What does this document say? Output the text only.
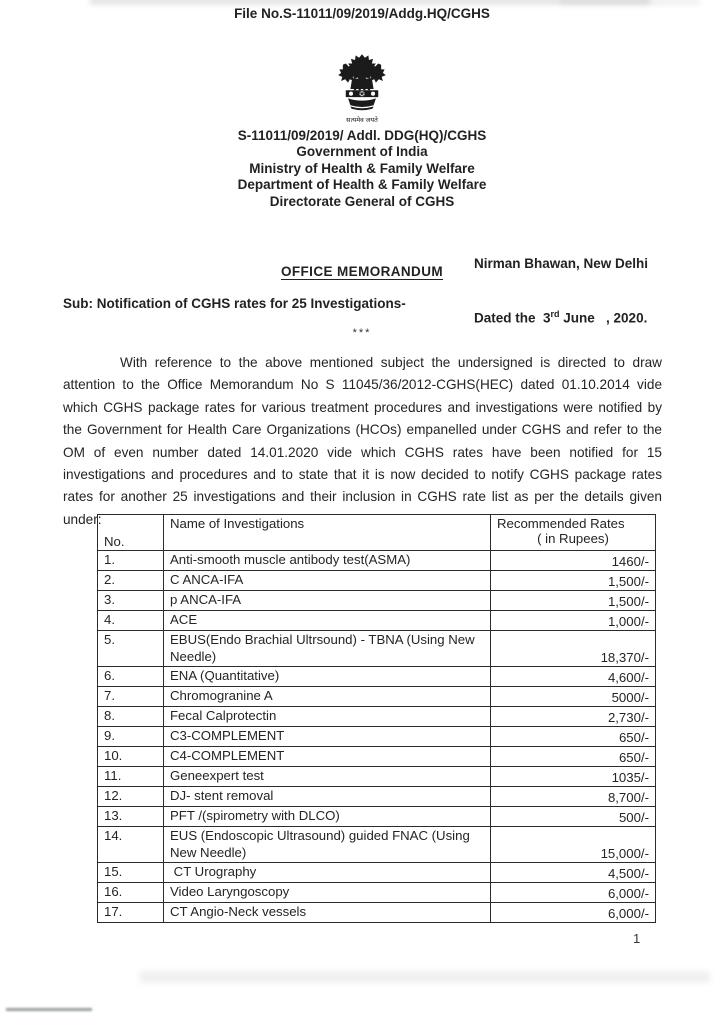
File No.S-11011/09/2019/Addg.HQ/CGHS
सत्यमेव जयते
S-11011/09/2019/ Addl. DDG(HQ)/CGHS
Government of India
Ministry of Health & Family Welfare
Department of Health & Family Welfare
Directorate General of CGHS

Nirman Bhawan, New Delhi

Dated the  3rd June   , 2020.

OFFICE MEMORANDUM
Sub: Notification of CGHS rates for 25 Investigations-
***
With reference to the above mentioned subject the undersigned is directed to draw attention to the Office Memorandum No S 11045/36/2012-CGHS(HEC) dated 01.10.2014 vide which CGHS package rates for various treatment procedures and investigations were notified by the Government for Health Care Organizations (HCOs) empanelled under CGHS and refer to the OM of even number dated 14.01.2020 vide which CGHS rates have been notified for 15 investigations and procedures and to state that it is now decided to notify CGHS package rates rates for another 25 investigations and their inclusion in CGHS rate list as per the details given under:
No.	Name of Investigations	Recommended Rates
( in Rupees)

1.	Anti-smooth muscle antibody test(ASMA)	1460/-
2.	C ANCA-IFA	1,500/-
3.	p ANCA-IFA	1,500/-
4.	ACE	1,000/-
5.	EBUS(Endo Brachial Ultrsound) - TBNA (Using New Needle)	18,370/-
6.	ENA (Quantitative)	4,600/-
7.	Chromogranine A	5000/-
8.	Fecal Calprotectin	2,730/-
9.	C3-COMPLEMENT	650/-
10.	C4-COMPLEMENT	650/-
11.	Geneexpert test	1035/-
12.	DJ- stent removal	8,700/-
13.	PFT /(spirometry with DLCO)	500/-
14.	EUS (Endoscopic Ultrasound) guided FNAC (Using New Needle)	15,000/-
15.	CT Urography	4,500/-
16.	Video Laryngoscopy	6,000/-
17.	CT Angio-Neck vessels	6,000/-
1
